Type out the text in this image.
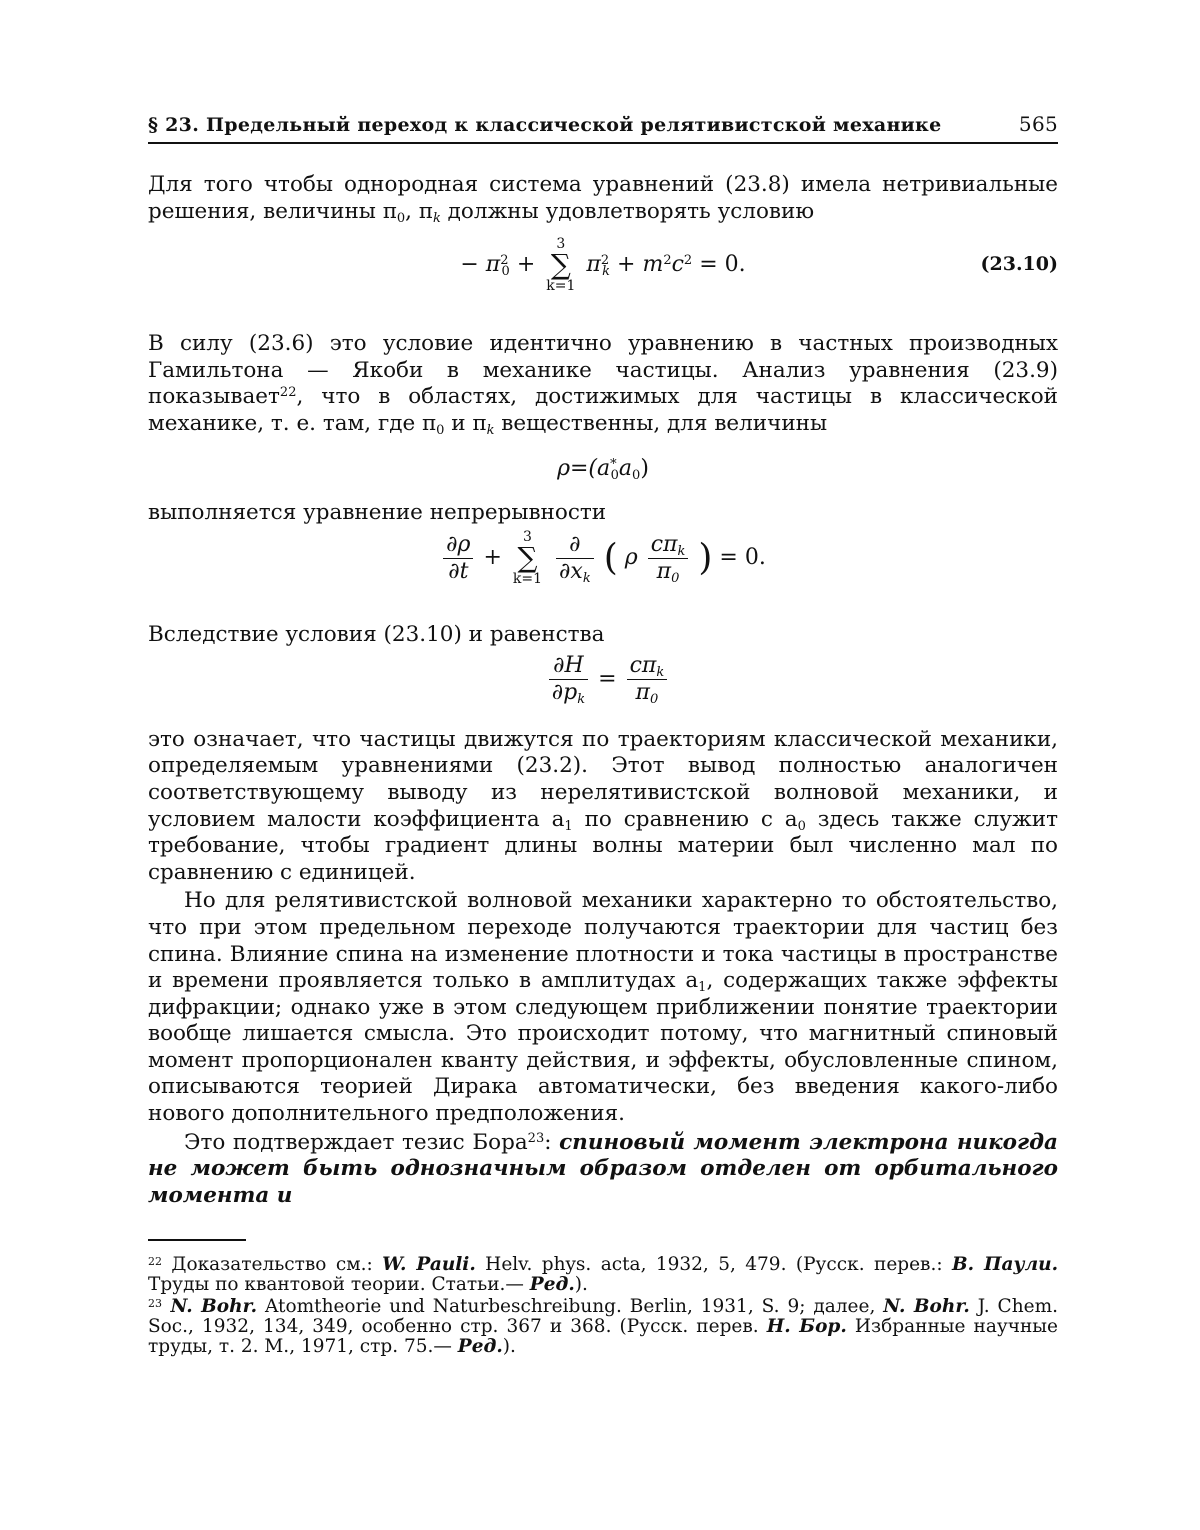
§ 23. Предельный переход к классической релятивистской механике	565

Для того чтобы однородная система уравнений (23.8) имела нетривиальные решения, величины π0, πk должны удовлетворять условию

− π20 +
3
∑
k=1
π2k + m2c2 = 0.	(23.10)

В силу (23.6) это условие идентично уравнению в частных производных Гамильтона — Якоби в механике частицы. Анализ уравнения (23.9) показывает22, что в областях, достижимых для частицы в классической механике, т. е. там, где π0 и πk вещественны, для величины

ρ=(a*0a0)

выполняется уравнение непрерывности

∂ρ
∂t
+
3
∑
k=1

∂
∂xk ( ρ
cπk
π0 ) = 0.

Вследствие условия (23.10) и равенства

∂H
∂pk
=
cπk
π0

это означает, что частицы движутся по траекториям классической механики, определяемым уравнениями (23.2). Этот вывод полностью аналогичен соответствующему выводу из нерелятивистской волновой механики, и условием малости коэффициента a1 по сравнению с a0 здесь также служит требование, чтобы градиент длины волны материи был численно мал по сравнению с единицей.

Но для релятивистской волновой механики характерно то обстоятельство, что при этом предельном переходе получаются траектории для частиц без спина. Влияние спина на изменение плотности и тока частицы в пространстве и времени проявляется только в амплитудах a1, содержащих также эффекты дифракции; однако уже в этом следующем приближении понятие траектории вообще лишается смысла. Это происходит потому, что магнитный спиновый момент пропорционален кванту действия, и эффекты, обусловленные спином, описываются теорией Дирака автоматически, без введения какого-либо нового дополнительного предположения.

Это подтверждает тезис Бора23: спиновый момент электрона никогда не может быть однозначным образом отделен от орбитального момента и

22 Доказательство см.: W. Pauli. Helv. phys. acta, 1932, 5, 479. (Русск. перев.: В. Паули. Труды по квантовой теории. Статьи.— Ред.).

23 N. Bohr. Atomtheorie und Naturbeschreibung. Berlin, 1931, S. 9; далее, N. Bohr. J. Chem. Soc., 1932, 134, 349, особенно стр. 367 и 368. (Русск. перев. Н. Бор. Избранные научные труды, т. 2. М., 1971, стр. 75.— Ред.).
